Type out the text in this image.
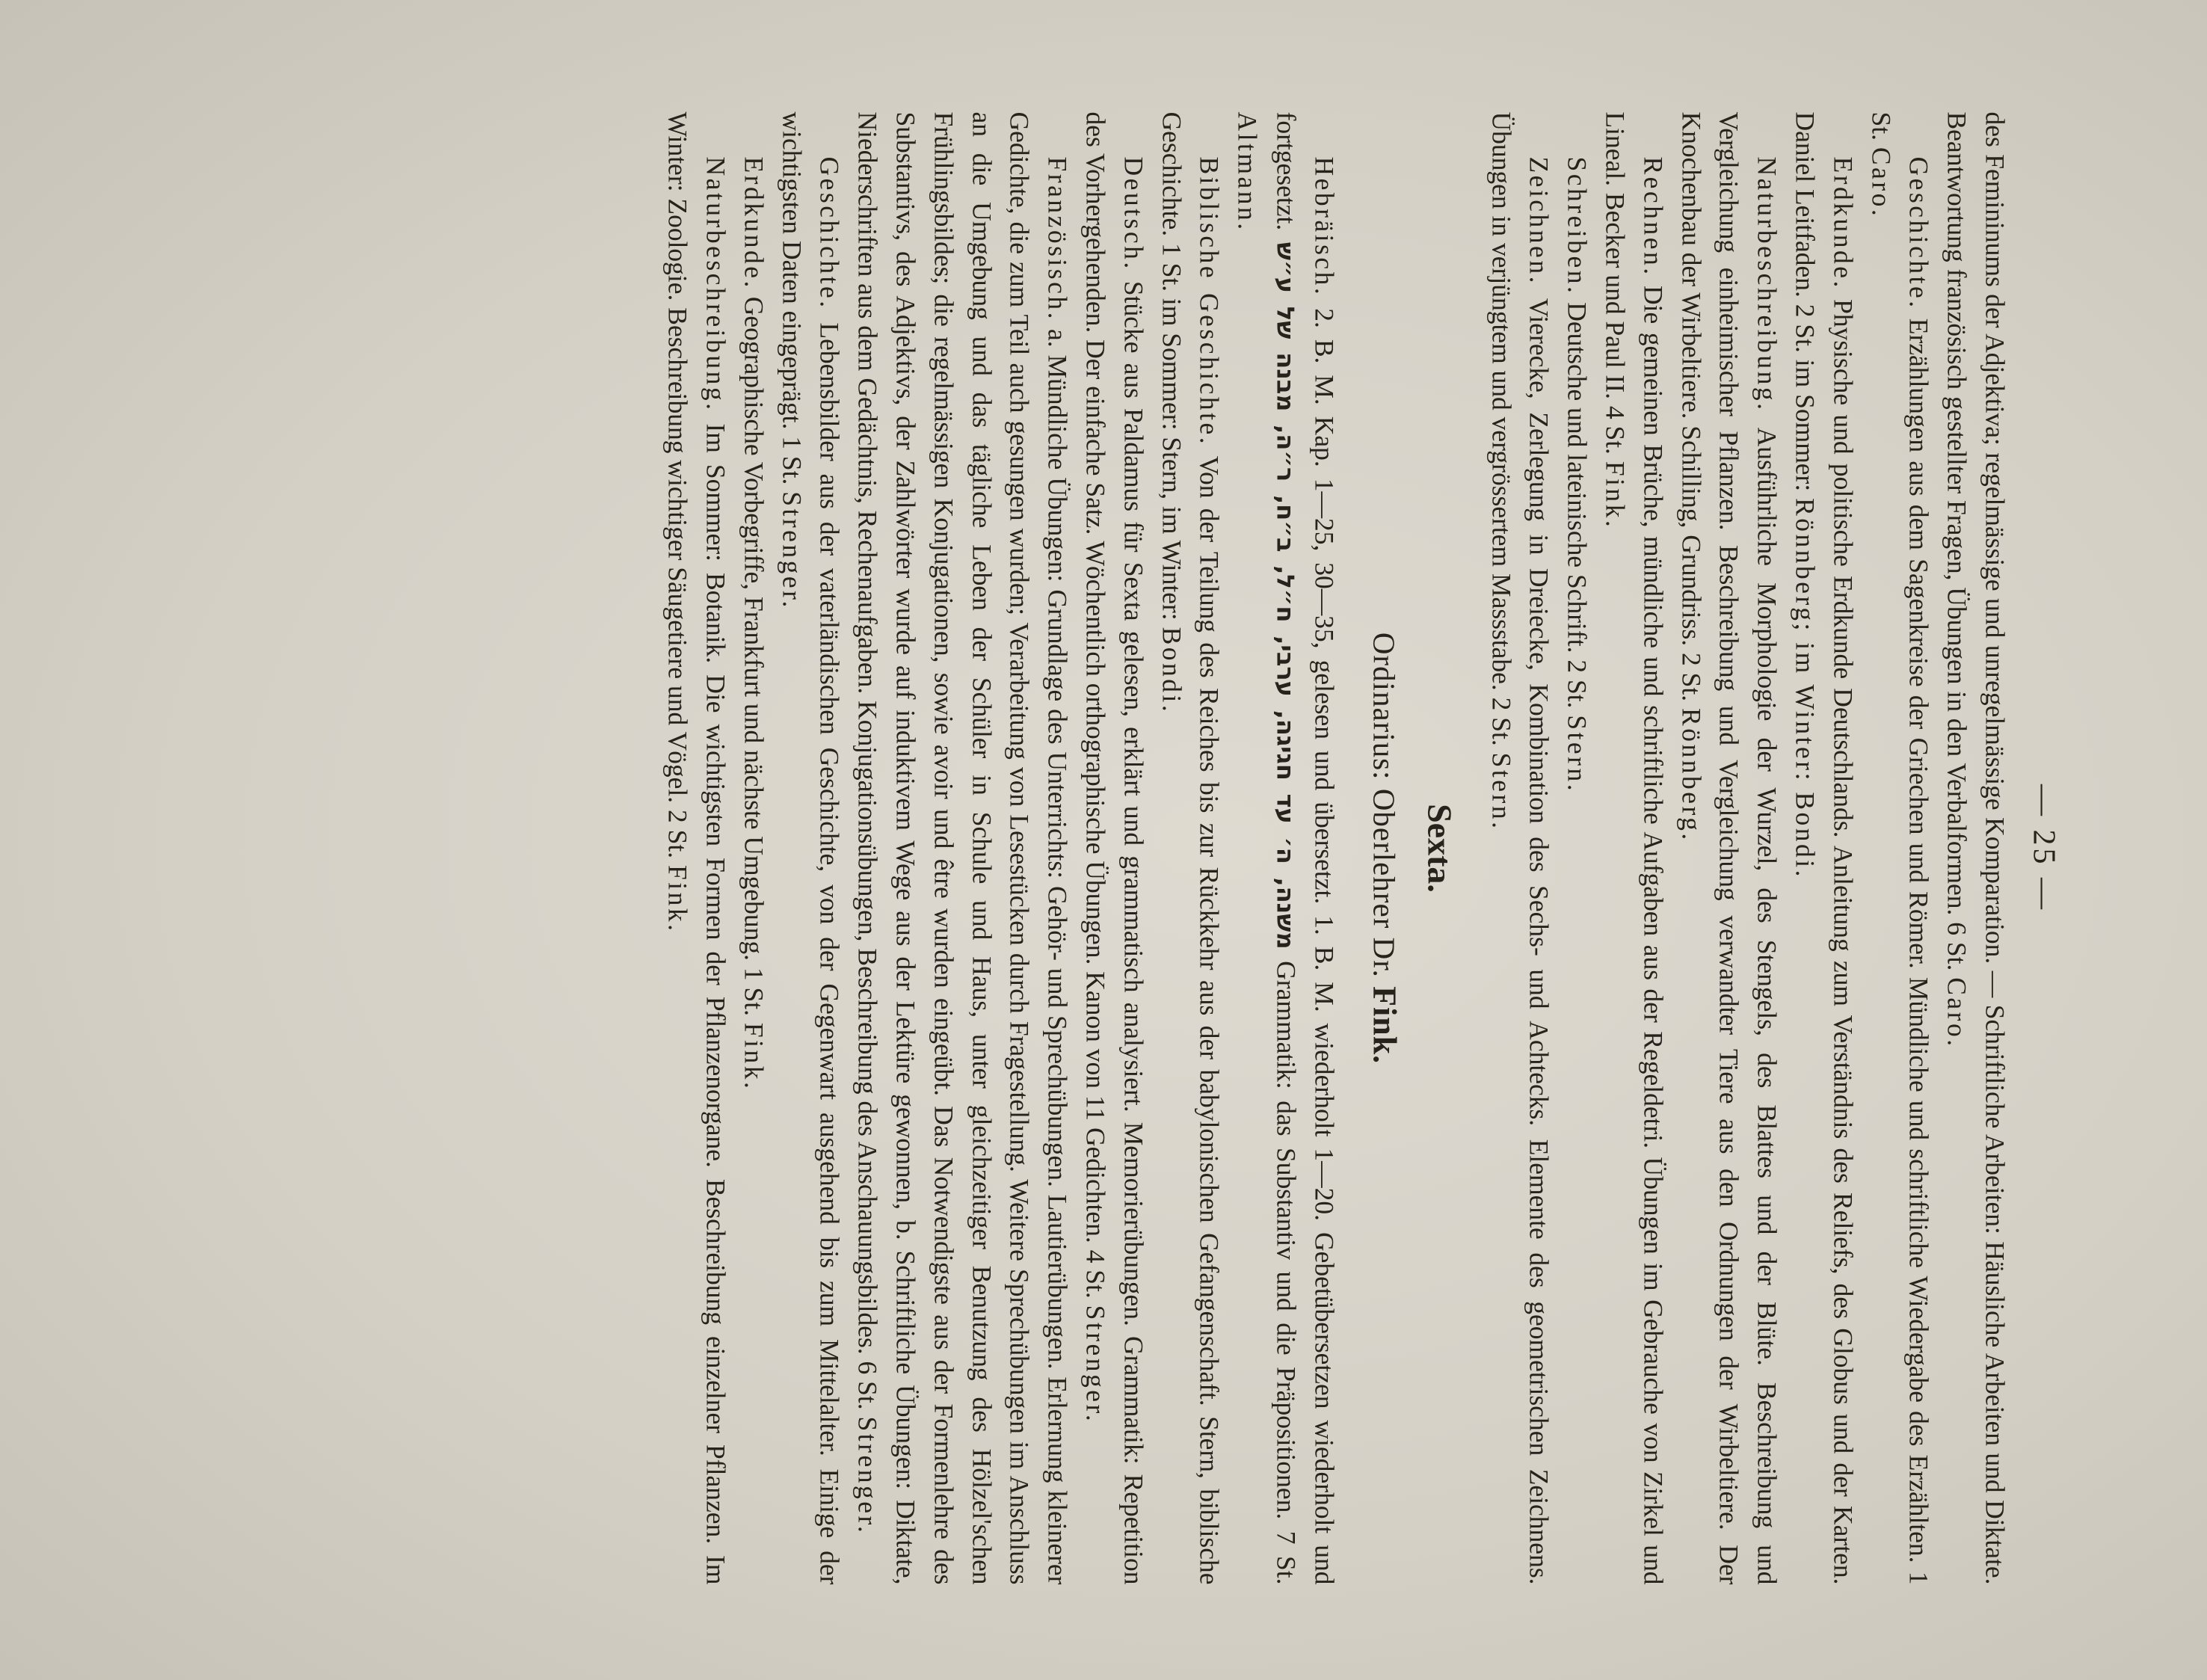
— 25 —

des Femininums der Adjektiva; regelmässige und unregelmässige Komparation. — Schriftliche Arbeiten: Häusliche Arbeiten und Diktate. Beantwortung französisch gestellter Fragen, Übungen in den Verbalformen. 6 St. Caro.

Geschichte. Erzählungen aus dem Sagenkreise der Griechen und Römer. Mündliche und schriftliche Wiedergabe des Erzählten. 1 St. Caro.

Erdkunde. Physische und politische Erdkunde Deutschlands. Anleitung zum Verständnis des Reliefs, des Globus und der Karten. Daniel Leitfaden. 2 St. im Sommer: Rönnberg; im Winter: Bondi.

Naturbeschreibung. Ausführliche Morphologie der Wurzel, des Stengels, des Blattes und der Blüte. Beschreibung und Vergleichung einheimischer Pflanzen. Beschreibung und Vergleichung verwandter Tiere aus den Ordnungen der Wirbeltiere. Der Knochenbau der Wirbeltiere. Schilling, Grundriss. 2 St. Rönnberg.

Rechnen. Die gemeinen Brüche, mündliche und schriftliche Aufgaben aus der Regeldetri. Übungen im Gebrauche von Zirkel und Lineal. Becker und Paul II. 4 St. Fink.

Schreiben. Deutsche und lateinische Schrift. 2 St. Stern.

Zeichnen. Vierecke, Zerlegung in Dreiecke, Kombination des Sechs- und Achtecks. Elemente des geometrischen Zeichnens. Übungen in verjüngtem und vergrössertem Massstabe. 2 St. Stern.

Sexta.
Ordinarius: Oberlehrer Dr. Fink.

Hebräisch. 2. B. M. Kap. 1—25, 30—35, gelesen und übersetzt. 1. B. M. wiederholt 1—20. Gebetübersetzen wiederholt und fortgesetzt. משנה, ה׳ עד חגיגה, ערבי, ח״ל, ב״ח, ר״ה, מבנה של ע״ש Grammatik: das Substantiv und die Präpositionen. 7 St. Altmann.

Biblische Geschichte. Von der Teilung des Reiches bis zur Rückkehr aus der babylonischen Gefangenschaft. Stern, biblische Geschichte. 1 St. im Sommer: Stern, im Winter: Bondi.

Deutsch. Stücke aus Paldamus für Sexta gelesen, erklärt und grammatisch analysiert. Memorierübungen. Grammatik: Repetition des Vorhergehenden. Der einfache Satz. Wöchentlich orthographische Übungen. Kanon von 11 Gedichten. 4 St. Strenger.

Französisch. a. Mündliche Übungen: Grundlage des Unterrichts: Gehör- und Sprechübungen. Lautierübungen. Erlernung kleinerer Gedichte, die zum Teil auch gesungen wurden; Verarbeitung von Lesestücken durch Fragestellung. Weitere Sprechübungen im Anschluss an die Umgebung und das tägliche Leben der Schüler in Schule und Haus, unter gleichzeitiger Benutzung des Hölzel'schen Frühlingsbildes; die regelmässigen Konjugationen, sowie avoir und être wurden eingeübt. Das Notwendigste aus der Formenlehre des Substantivs, des Adjektivs, der Zahlwörter wurde auf induktivem Wege aus der Lektüre gewonnen, b. Schriftliche Übungen: Diktate, Niederschriften aus dem Gedächtnis, Rechenaufgaben. Konjugationsübungen, Beschreibung des Anschauungsbildes. 6 St. Strenger.

Geschichte. Lebensbilder aus der vaterländischen Geschichte, von der Gegenwart ausgehend bis zum Mittelalter. Einige der wichtigsten Daten eingeprägt. 1 St. Strenger.

Erdkunde. Geographische Vorbegriffe, Frankfurt und nächste Umgebung. 1 St. Fink.

Naturbeschreibung. Im Sommer: Botanik. Die wichtigsten Formen der Pflanzenorgane. Beschreibung einzelner Pflanzen. Im Winter: Zoologie. Beschreibung wichtiger Säugetiere und Vögel. 2 St. Fink.
